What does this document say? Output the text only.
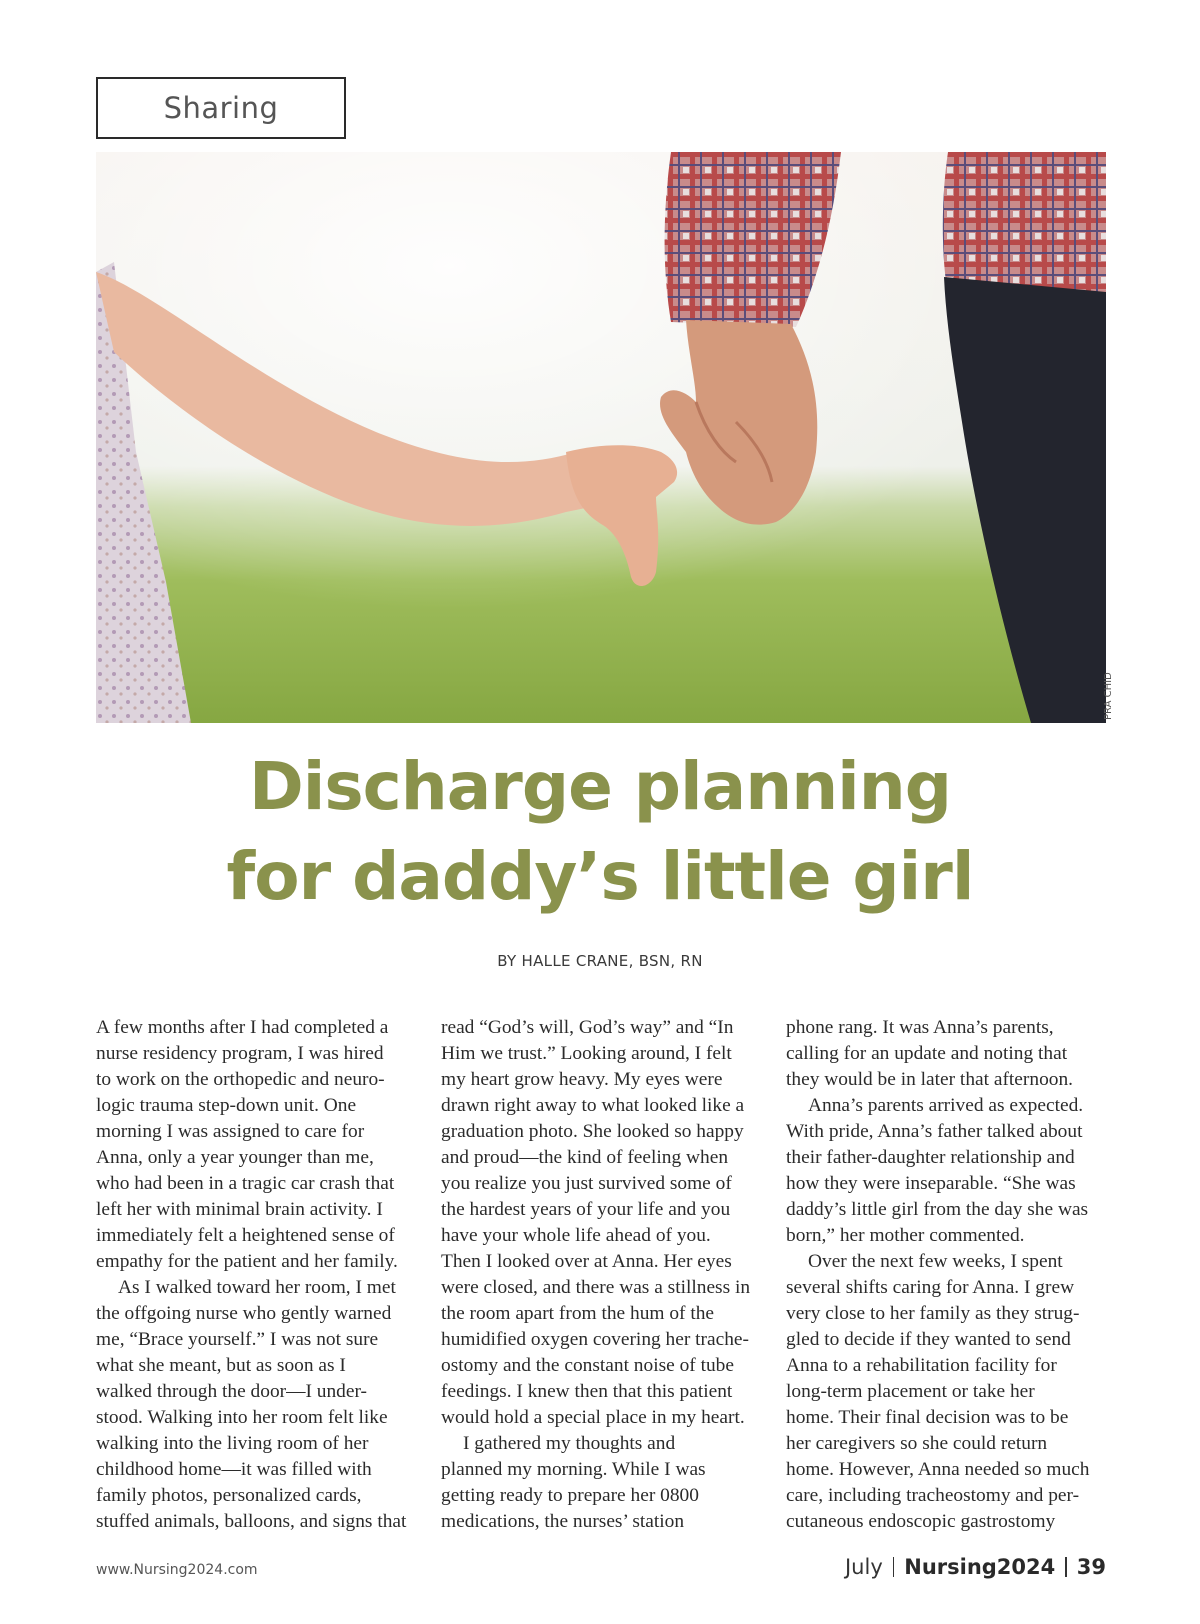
Sharing
PRA CHID
Discharge planning
for daddy’s little girl
BY HALLE CRANE, BSN, RN
A few months after I had completed a
nurse residency program, I was hired
to work on the orthopedic and neuro-
logic trauma step-down unit. One
morning I was assigned to care for
Anna, only a year younger than me,
who had been in a tragic car crash that
left her with minimal brain activity. I
immediately felt a heightened sense of
empathy for the patient and her family.
As I walked toward her room, I met
the offgoing nurse who gently warned
me, “Brace yourself.” I was not sure
what she meant, but as soon as I
walked through the door—I under-
stood. Walking into her room felt like
walking into the living room of her
childhood home—it was filled with
family photos, personalized cards,
stuffed animals, balloons, and signs that
read “God’s will, God’s way” and “In
Him we trust.” Looking around, I felt
my heart grow heavy. My eyes were
drawn right away to what looked like a
graduation photo. She looked so happy
and proud—the kind of feeling when
you realize you just survived some of
the hardest years of your life and you
have your whole life ahead of you.
Then I looked over at Anna. Her eyes
were closed, and there was a stillness in
the room apart from the hum of the
humidified oxygen covering her trache-
ostomy and the constant noise of tube
feedings. I knew then that this patient
would hold a special place in my heart.
I gathered my thoughts and
planned my morning. While I was
getting ready to prepare her 0800
medications, the nurses’ station
phone rang. It was Anna’s parents,
calling for an update and noting that
they would be in later that afternoon.
Anna’s parents arrived as expected.
With pride, Anna’s father talked about
their father-daughter relationship and
how they were inseparable. “She was
daddy’s little girl from the day she was
born,” her mother commented.
Over the next few weeks, I spent
several shifts caring for Anna. I grew
very close to her family as they strug-
gled to decide if they wanted to send
Anna to a rehabilitation facility for
long-term placement or take her
home. Their final decision was to be
her caregivers so she could return
home. However, Anna needed so much
care, including tracheostomy and per-
cutaneous endoscopic gastrostomy
www.Nursing2024.com	July Nursing2024 39
